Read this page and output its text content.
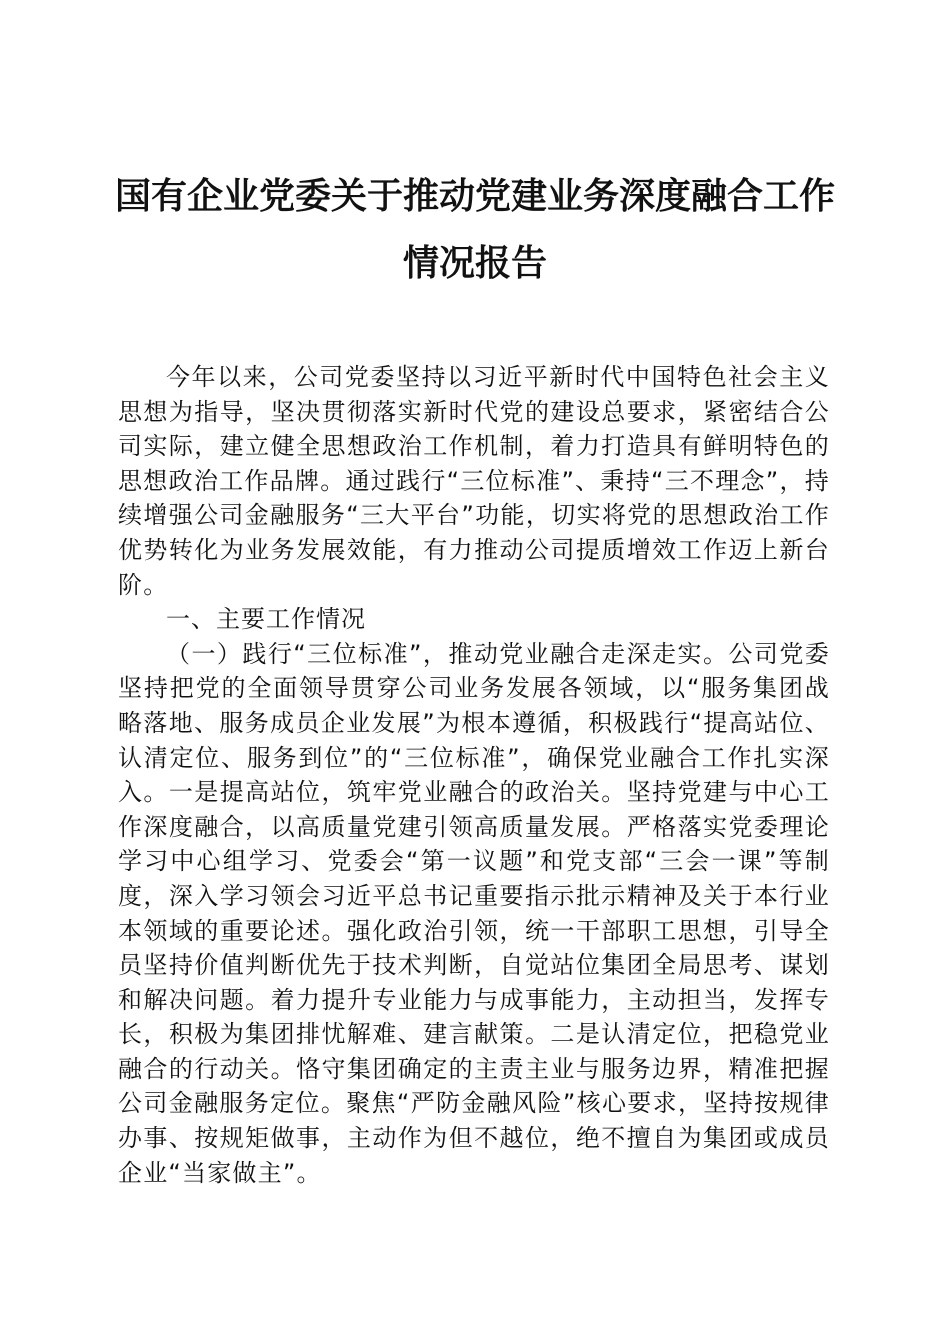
国有企业党委关于推动党建业务深度融合工作
情况报告

今年以来，公司党委坚持以习近平新时代中国特色社会主义思想为指导，坚决贯彻落实新时代党的建设总要求，紧密结合公司实际，建立健全思想政治工作机制，着力打造具有鲜明特色的思想政治工作品牌。通过践行“三位标准”、秉持“三不理念”，持续增强公司金融服务“三大平台”功能，切实将党的思想政治工作优势转化为业务发展效能，有力推动公司提质增效工作迈上新台阶。

一、主要工作情况

（一）践行“三位标准”，推动党业融合走深走实。公司党委坚持把党的全面领导贯穿公司业务发展各领域，以“服务集团战略落地、服务成员企业发展”为根本遵循，积极践行“提高站位、认清定位、服务到位”的“三位标准”，确保党业融合工作扎实深入。一是提高站位，筑牢党业融合的政治关。坚持党建与中心工作深度融合，以高质量党建引领高质量发展。严格落实党委理论学习中心组学习、党委会“第一议题”和党支部“三会一课”等制度，深入学习领会习近平总书记重要指示批示精神及关于本行业本领域的重要论述。强化政治引领，统一干部职工思想，引导全员坚持价值判断优先于技术判断，自觉站位集团全局思考、谋划和解决问题。着力提升专业能力与成事能力，主动担当，发挥专长，积极为集团排忧解难、建言献策。二是认清定位，把稳党业融合的行动关。恪守集团确定的主责主业与服务边界，精准把握公司金融服务定位。聚焦“严防金融风险”核心要求，坚持按规律办事、按规矩做事，主动作为但不越位，绝不擅自为集团或成员企业“当家做主”。
